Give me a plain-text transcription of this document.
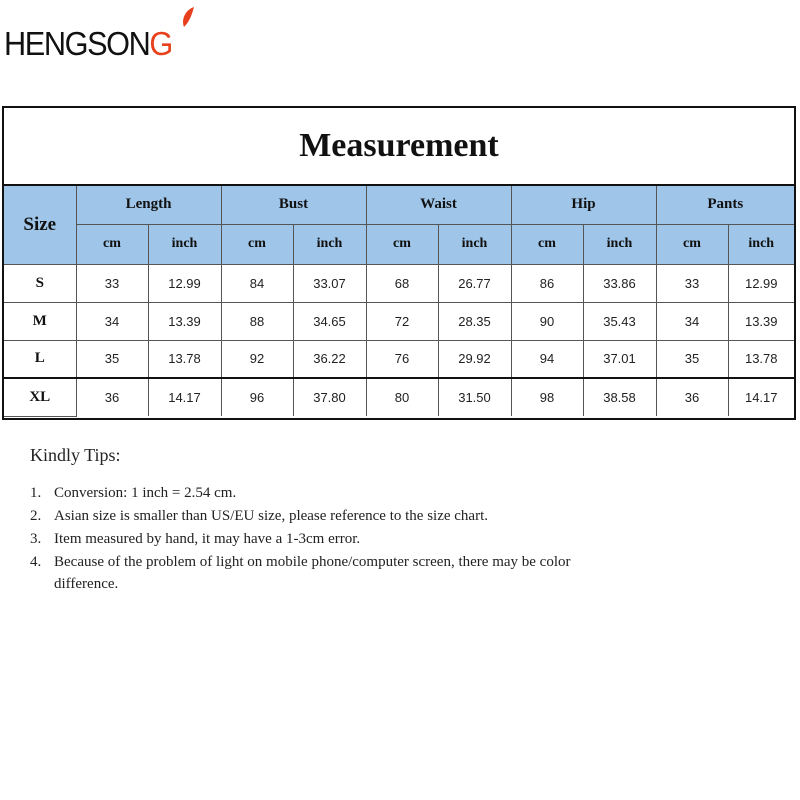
HENGSONG
Measurement
Size	Length		Bust		Waist		Hip		Pants	
	cm	inch	cm	inch	cm	inch	cm	inch	cm	inch
S	33	12.99	84	33.07	68	26.77	86	33.86	33	12.99
M	34	13.39	88	34.65	72	28.35	90	35.43	34	13.39
L	35	13.78	92	36.22	76	29.92	94	37.01	35	13.78
XL	36	14.17	96	37.80	80	31.50	98	38.58	36	14.17
Kindly Tips:
1. Conversion: 1 inch = 2.54 cm.
2. Asian size is smaller than US/EU size, please reference to the size chart.
3. Item measured by hand, it may have a 1-3cm error.
4. Because of the problem of light on mobile phone/computer screen, there may be color difference.
